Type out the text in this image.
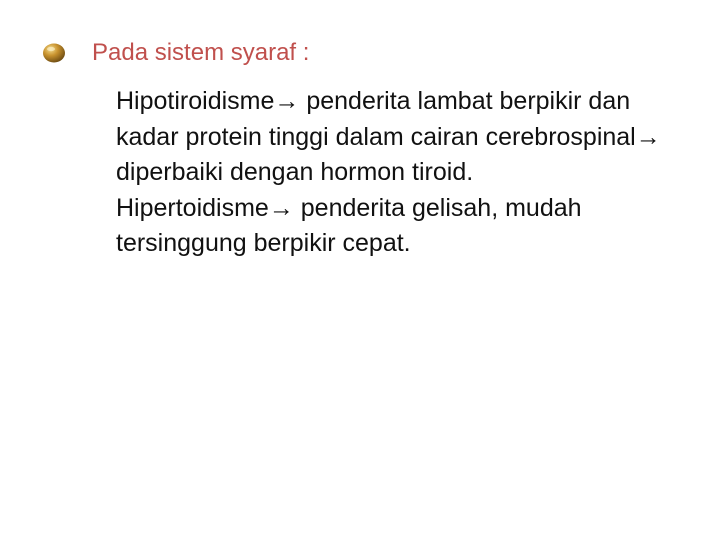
Pada sistem syaraf :

Hipotiroidisme→ penderita lambat berpikir dan kadar protein tinggi dalam cairan cerebrospinal→ diperbaiki dengan hormon tiroid.

Hipertoidisme→ penderita gelisah, mudah tersinggung berpikir cepat.
